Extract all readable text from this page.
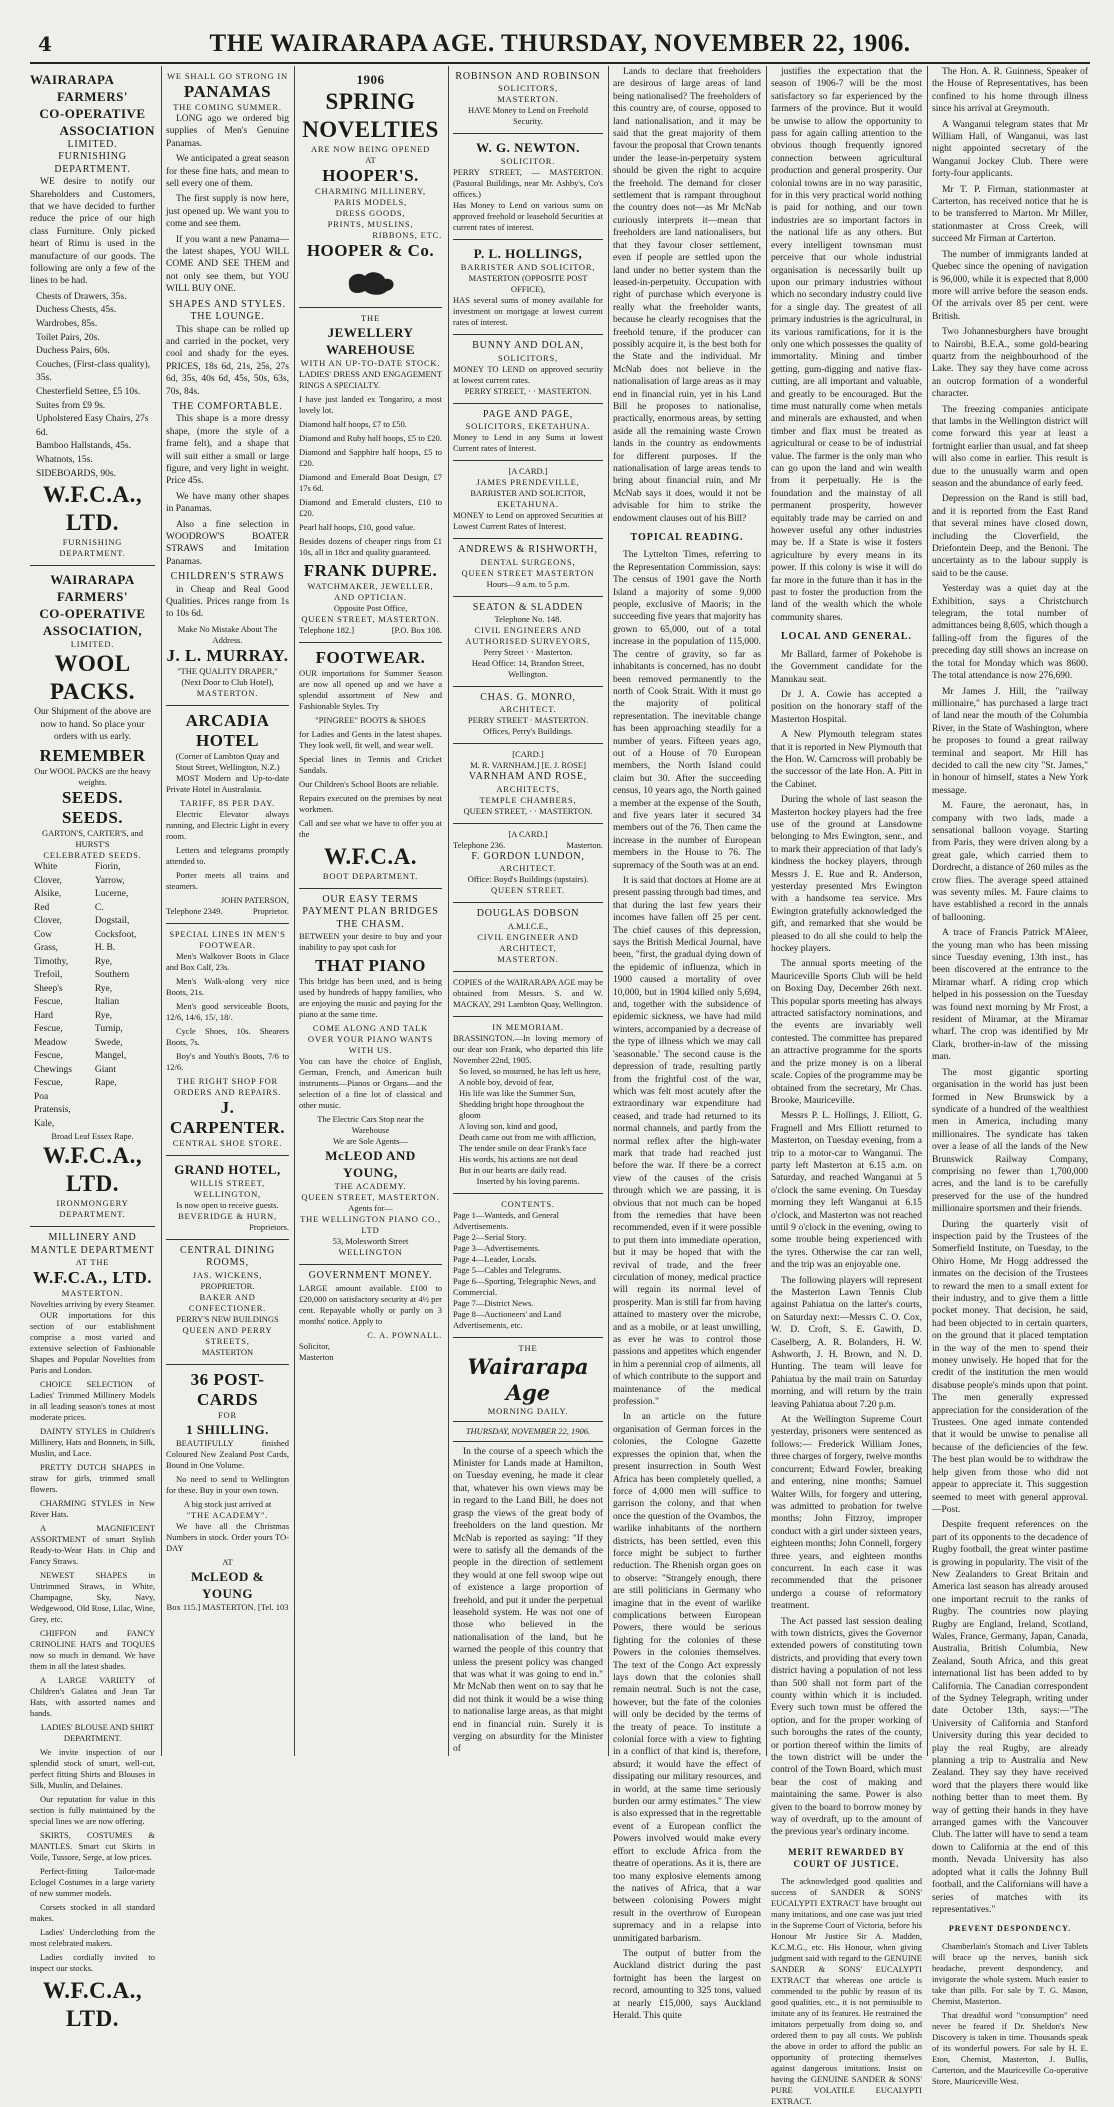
4	THE WAIRARAPA AGE. THURSDAY, NOVEMBER 22, 1906.
WAIRARAPA
FARMERS'
CO-OPERATIVE
ASSOCIATION
LIMITED.
FURNISHING DEPARTMENT.

WE desire to notify our Shareholders and Customers, that we have decided to further reduce the price of our high class Furniture. Only picked heart of Rimu is used in the manufacture of our goods. The following are only a few of the lines to be had.

Chests of Drawers, 35s.
Duchess Chests, 45s.
Wardrobes, 85s.
Toilet Pairs, 20s.
Duchess Pairs, 60s.
Couches, (First-class quality), 35s.
Chesterfield Settee, £5 10s.
Suites from £9 9s.
Upholstered Easy Chairs, 27s 6d.
Bamboo Hallstands, 45s.
Whatnots, 15s.
SIDEBOARDS, 90s.
W.F.C.A., LTD.
FURNISHING DEPARTMENT.
WAIRARAPA FARMERS'
CO-OPERATIVE ASSOCIATION,
LIMITED.
WOOL PACKS.

Our Shipment of the above are now to hand. So place your orders with us early.

REMEMBER
Our WOOL PACKS are the heavy weights.
SEEDS. SEEDS.
GARTON'S, CARTER'S, and HURST'S
CELEBRATED SEEDS.
White Clover,
Alsike,
Red Clover,
Cow Grass,
Timothy,
Trefoil,
Sheep's Fescue,
Hard Fescue,
Meadow Fescue,
Chewings Fescue,
Poa Pratensis,
Kale,
Fiorin,
Yarrow,
Lucerne,
C. Dogstail,
Cocksfoot,
H. B. Rye,
Southern Rye,
Italian Rye,
Turnip,
Swede,
Mangel,
Giant Rape,
Broad Leaf Essex Rape.
W.F.C.A., LTD.
IRONMONGERY DEPARTMENT.
MILLINERY AND MANTLE DEPARTMENT
AT THE
W.F.C.A., LTD.
MASTERTON.
Novelties arriving by every Steamer.

OUR importations for this section of our establishment comprise a most varied and extensive selection of Fashionable Shapes and Popular Novelties from Paris and London.

CHOICE SELECTION of Ladies' Trimmed Millinery Models in all leading season's tones at most moderate prices.

DAINTY STYLES in Children's Millinery, Hats and Bonnets, in Silk, Muslin, and Lace.

PRETTY DUTCH SHAPES in straw for girls, trimmed small flowers.

CHARMING STYLES in New River Hats.

A MAGNIFICENT ASSORTMENT of smart Stylish Ready-to-Wear Hats in Chip and Fancy Straws.

NEWEST SHAPES in Untrimmed Straws, in White, Champagne, Sky, Navy, Wedgewood, Old Rose, Lilac, Wine, Grey, etc.

CHIFFON and FANCY CRINOLINE HATS and TOQUES now so much in demand. We have them in all the latest shades.

A LARGE VARIETY of Children's Galatea and Jean Tar Hats, with assorted names and bands.

LADIES' BLOUSE AND SHIRT DEPARTMENT.

We invite inspection of our splendid stock of smart, well-cut, perfect fitting Shirts and Blouses in Silk, Muslin, and Delaines.

Our reputation for value in this section is fully maintained by the special lines we are now offering.

SKIRTS, COSTUMES & MANTLES. Smart cut Skirts in Voile, Tussore, Serge, at low prices.

Perfect-fitting Tailor-made Eclogel Costumes in a large variety of new summer models.

Corsets stocked in all standard makes.

Ladies' Underclothing from the most celebrated makers.

Ladies cordially invited to inspect our stocks.

W.F.C.A., LTD.
WE SHALL GO STRONG IN
PANAMAS
THE COMING SUMMER.

LONG ago we ordered big supplies of Men's Genuine Panamas.

We anticipated a great season for these fine hats, and mean to sell every one of them.

The first supply is now here, just opened up. We want you to come and see them.

If you want a new Panama—the latest shapes, YOU WILL COME AND SEE THEM and not only see them, but YOU WILL BUY ONE.

SHAPES AND STYLES.
THE LOUNGE.

This shape can be rolled up and carried in the pocket, very cool and shady for the eyes. PRICES, 18s 6d, 21s, 25s, 27s 6d, 35s, 40s 6d, 45s, 50s, 63s, 70s, 84s.

THE COMFORTABLE.

This shape is a more dressy shape, (more the style of a frame felt), and a shape that will suit either a small or large figure, and very light in weight. Price 45s.

We have many other shapes in Panamas.

Also a fine selection in WOODROW'S BOATER STRAWS and Imitation Panamas.

CHILDREN'S STRAWS

in Cheap and Real Good Qualities. Prices range from 1s to 10s 6d.

Make No Mistake About The Address.
J. L. MURRAY.
"THE QUALITY DRAPER,"
(Next Door to Club Hotel),
MASTERTON.
ARCADIA HOTEL
(Corner of Lambton Quay and Stout Street, Wellington, N.Z.)

MOST Modern and Up-to-date Private Hotel in Australasia.

TARIFF, 8S PER DAY.

Electric Elevator always running, and Electric Light in every room.

Letters and telegrams promptly attended to.

Porter meets all trains and steamers.

JOHN PATERSON,
Telephone 2349.	Proprietor.
SPECIAL LINES IN MEN'S FOOTWEAR.

Men's Walkover Boots in Glace and Box Calf, 23s.

Men's Walk-along very nice Boots, 21s.

Men's good serviceable Boots, 12/6, 14/6, 15/, 18/.

Cycle Shoes, 10s. Shearers Boots, 7s.

Boy's and Youth's Boots, 7/6 to 12/6.

THE RIGHT SHOP FOR ORDERS AND REPAIRS.
J. CARPENTER.
CENTRAL SHOE STORE.
GRAND HOTEL,
WILLIS STREET, WELLINGTON,
Is now open to receive guests.
BEVERIDGE & HURN,
Proprietors.
CENTRAL DINING ROOMS,
JAS. WICKENS,
PROPRIETOR.
BAKER AND CONFECTIONER.
PERRY'S NEW BUILDINGS
QUEEN AND PERRY STREETS,
MASTERTON
36 POST-CARDS
FOR
1 SHILLING.

BEAUTIFULLY finished Coloured New Zealand Post Cards, Bound in One Volume.

No need to send to Wellington for these. Buy in your own town.

A big stock just arrived at
"THE ACADEMY".

We have all the Christmas Numbers in stock. Order yours TO-DAY

AT
McLEOD & YOUNG
Box 115.] MASTERTON. [Tel. 103
1906
SPRING
NOVELTIES
ARE NOW BEING OPENED
AT
HOOPER'S.
CHARMING MILLINERY,
PARIS MODELS,
DRESS GOODS,
PRINTS, MUSLINS,
RIBBONS, ETC.
HOOPER & Co.
THE
JEWELLERY WAREHOUSE
WITH AN UP-TO-DATE STOCK.

LADIES' DRESS AND ENGAGEMENT RINGS A SPECIALTY.

I have just landed ex Tongariro, a most lovely lot.

Diamond half hoops, £7 to £50.

Diamond and Ruby half hoops, £5 to £20.

Diamond and Sapphire half hoops, £5 to £20.

Diamond and Emerald Boat Design, £7 17s 6d.

Diamond and Emerald clusters, £10 to £20.

Pearl half hoops, £10, good value.

Besides dozens of cheaper rings from £1 10s, all in 18ct and quality guaranteed.

FRANK DUPRE.
WATCHMAKER, JEWELLER, AND OPTICIAN.
Opposite Post Office,
QUEEN STREET, MASTERTON.
Telephone 182.]	[P.O. Box 108.
FOOTWEAR.

OUR importations for Summer Season are now all opened up and we have a splendid assortment of New and Fashionable Styles. Try

"PINGREE" BOOTS & SHOES

for Ladies and Gents in the latest shapes. They look well, fit well, and wear well.

Special lines in Tennis and Cricket Sandals.

Our Children's School Boots are reliable.

Repairs executed on the premises by neat workmen.

Call and see what we have to offer you at the

W.F.C.A.
BOOT DEPARTMENT.
OUR EASY TERMS PAYMENT PLAN BRIDGES THE CHASM.

BETWEEN your desire to buy and your inability to pay spot cash for

THAT PIANO

This bridge has been used, and is being used by hundreds of happy families, who are enjoying the music and paying for the piano at the same time.

COME ALONG AND TALK OVER YOUR PIANO WANTS WITH US.

You can have the choice of English, German, French, and American built instruments—Pianos or Organs—and the selection of a fine lot of classical and other music.

The Electric Cars Stop near the Warehouse
We are Sole Agents—
McLEOD AND YOUNG,
THE ACADEMY.
QUEEN STREET, MASTERTON.
Agents for—
THE WELLINGTON PIANO CO., LTD
53, Molesworth Street
WELLINGTON
GOVERNMENT MONEY.

LARGE amount available. £100 to £20,000 on satisfactory security at 4½ per cent. Repayable wholly or partly on 3 months' notice. Apply to

C. A. POWNALL.
Solicitor,
Masterton
ROBINSON AND ROBINSON
SOLICITORS,
MASTERTON.
HAVE Money to Lend on Freehold Security.
W. G. NEWTON.
SOLICITOR.
PERRY STREET, — MASTERTON. (Pastoral Buildings, near Mr. Ashby's, Co's offices.)
Has Money to Lend on various sums on approved freehold or leasehold Securities at current rates of interest.
P. L. HOLLINGS,
BARRISTER AND SOLICITOR,
MASTERTON (OPPOSITE POST OFFICE),
HAS several sums of money available for investment on mortgage at lowest current rates of interest.
BUNNY AND DOLAN,
SOLICITORS,
MONEY TO LEND on approved security at lowest current rates.
PERRY STREET, · · MASTERTON.
PAGE AND PAGE,
SOLICITORS, EKETAHUNA.
Money to Lend in any Sums at lowest Current rates of Interest.
[A CARD.]
JAMES PRENDEVILLE,
BARRISTER AND SOLICITOR,
EKETAHUNA.
MONEY to Lend on approved Securities at Lowest Current Rates of Interest.
ANDREWS & RISHWORTH,
DENTAL SURGEONS,
QUEEN STREET MASTERTON
Hours—9 a.m. to 5 p.m.
SEATON & SLADDEN
Telephone No. 148.
CIVIL ENGINEERS AND AUTHORISED SURVEYORS,
Perry Street · · Masterton.
Head Office: 14, Brandon Street, Wellington.
CHAS. G. MONRO,
ARCHITECT.
PERRY STREET · MASTERTON.
Offices, Perry's Buildings.
[CARD.]
M. R. VARNHAM.] [E. J. ROSE]
VARNHAM AND ROSE,
ARCHITECTS,
TEMPLE CHAMBERS,
QUEEN STREET, · · MASTERTON.
[A CARD.]
Telephone 236.	Masterton.
F. GORDON LUNDON,
ARCHITECT.
Office: Boyd's Buildings (upstairs).
QUEEN STREET.
DOUGLAS DOBSON
A.M.I.C.E.,
CIVIL ENGINEER AND ARCHITECT,
MASTERTON.
COPIES of the WAIRARAPA AGE may be obtained from Messrs. S. and W. MACKAY, 291 Lambton Quay, Wellington.
IN MEMORIAM.
BRASSINGTON.—In loving memory of our dear son Frank, who departed this life November 22nd, 1905.
So loved, so mourned, he has left us here,
A noble boy, devoid of fear,
His life was like the Summer Sun,
Shedding bright hope throughout the gloom
A loving son, kind and good,
Death came out from me with affliction,
The tender smile on dear Frank's face
His words, his actions are not dead
But in our hearts are daily read.
Inserted by his loving parents.
CONTENTS.
Page 1—Wanteds, and General Advertisements.
Page 2—Serial Story.
Page 3—Advertisements.
Page 4—Leader, Locals.
Page 5—Cables and Telegrams.
Page 6—Sporting, Telegraphic News, and Commercial.
Page 7—District News.
Page 8—Auctioneers' and Land Advertisements, etc.
THE
Wairarapa Age
MORNING DAILY.
THURSDAY, NOVEMBER 22, 1906.

In the course of a speech which the Minister for Lands made at Hamilton, on Tuesday evening, he made it clear that, whatever his own views may be in regard to the Land Bill, he does not grasp the views of the great body of freeholders on the land question. Mr McNab is reported as saying: "If they were to satisfy all the demands of the people in the direction of settlement they would at one fell swoop wipe out of existence a large proportion of freehold, and put it under the perpetual leasehold system. He was not one of those who believed in the nationalisation of the land, but he warned the people of this country that unless the present policy was changed that was what it was going to end in." Mr McNab then went on to say that he did not think it would be a wise thing to nationalise large areas, as that might end in financial ruin. Surely it is verging on absurdity for the Minister of

Lands to declare that freeholders are desirous of large areas of land being nationalised? The freeholders of this country are, of course, opposed to land nationalisation, and it may be said that the great majority of them favour the proposal that Crown tenants under the lease-in-perpetuity system should be given the right to acquire the freehold. The demand for closer settlement that is rampant throughout the country does not—as Mr McNab curiously interprets it—mean that freeholders are land nationalisers, but that they favour closer settlement, even if people are settled upon the land under no better system than the leased-in-perpetuity. Occupation with right of purchase which everyone is really what the freeholder wants, because he clearly recognises that the freehold tenure, if the producer can possibly acquire it, is the best both for the State and the individual. Mr McNab does not believe in the nationalisation of large areas as it may end in financial ruin, yet in his Land Bill he proposes to nationalise, practically, enormous areas, by setting aside all the remaining waste Crown lands in the country as endowments for different purposes. If the nationalisation of large areas tends to bring about financial ruin, and Mr McNab says it does, would it not be advisable for him to strike the endowment clauses out of his Bill?

TOPICAL READING.

The Lyttelton Times, referring to the Representation Commission, says: The census of 1901 gave the North Island a majority of some 9,000 people, exclusive of Maoris; in the succeeding five years that majority has grown to 65,000, out of a total increase in the population of 115,000. The centre of gravity, so far as inhabitants is concerned, has no doubt been removed permanently to the north of Cook Strait. With it must go the majority of political representation. The inevitable change has been approaching steadily for a number of years. Fifteen years ago, out of a House of 70 European members, the North Island could claim but 30. After the succeeding census, 10 years ago, the North gained a member at the expense of the South, and five years later it secured 34 members out of the 76. Then came the increase in the number of European members in the House to 76. The supremacy of the South was at an end.

It is said that doctors at Home are at present passing through bad times, and that during the last few years their incomes have fallen off 25 per cent. The chief causes of this depression, says the British Medical Journal, have been, "first, the gradual dying down of the epidemic of influenza, which in 1900 caused a mortality of over 10,000, but in 1904 killed only 5,694, and, together with the subsidence of epidemic sickness, we have had mild winters, accompanied by a decrease of the type of illness which we may call 'seasonable.' The second cause is the depression of trade, resulting partly from the frightful cost of the war, which was felt most acutely after the extraordinary war expenditure had ceased, and trade had returned to its normal channels, and partly from the normal reflex after the high-water mark that trade had reached just before the war. If there be a correct view of the causes of the crisis through which we are passing, it is obvious that not much can be hoped from the remedies that have been recommended, even if it were possible to put them into immediate operation, but it may be hoped that with the revival of trade, and the freer circulation of money, medical practice will regain its normal level of prosperity. Man is still far from having attained to mastery over the microbe, and as a mobile, or at least unwilling, as ever he was to control those passions and appetites which engender in him a perennial crop of ailments, all of which contribute to the support and maintenance of the medical profession."

In an article on the future organisation of German forces in the colonies, the Cologne Gazette expresses the opinion that, when the present insurrection in South West Africa has been completely quelled, a force of 4,000 men will suffice to garrison the colony, and that when once the question of the Ovambos, the warlike inhabitants of the northern districts, has been settled, even this force might be subject to further reduction. The Rhenish organ goes on to observe: "Strangely enough, there are still politicians in Germany who imagine that in the event of warlike complications between European Powers, there would be serious fighting for the colonies of these Powers in the colonies themselves. The text of the Congo Act expressly lays down that the colonies shall remain neutral. Such is not the case, however, but the fate of the colonies will only be decided by the terms of the treaty of peace. To institute a colonial force with a view to fighting in a conflict of that kind is, therefore, absurd; it would have the effect of dissipating our military resources, and in world, at the same time seriously burden our army estimates." The view is also expressed that in the regrettable event of a European conflict the Powers involved would make every effort to exclude Africa from the theatre of operations. As it is, there are too many explosive elements among the natives of Africa, that a war between colonising Powers might result in the overthrow of European supremacy and in a relapse into unmitigated barbarism.

The output of butter from the Auckland district during the past fortnight has been the largest on record, amounting to 325 tons, valued at nearly £15,000, says Auckland Herald. This quite

justifies the expectation that the season of 1906-7 will be the most satisfactory so far experienced by the farmers of the province. But it would be unwise to allow the opportunity to pass for again calling attention to the obvious though frequently ignored connection between agricultural production and general prosperity. Our colonial towns are in no way parasitic, for in this very practical world nothing is paid for nothing, and our town industries are so important factors in the national life as any others. But every intelligent townsman must perceive that our whole industrial organisation is necessarily built up upon our primary industries without which no secondary industry could live for a single day. The greatest of all primary industries is the agricultural, in its various ramifications, for it is the only one which possesses the quality of immortality. Mining and timber getting, gum-digging and native flax-cutting, are all important and valuable, and greatly to be encouraged. But the time must naturally come when metals and minerals are exhausted, and when timber and flax must be treated as agricultural or cease to be of industrial value. The farmer is the only man who can go upon the land and win wealth from it perpetually. He is the foundation and the mainstay of all permanent prosperity, however equitably trade may be carried on and however useful any other industries may be. If a State is wise it fosters agriculture by every means in its power. If this colony is wise it will do far more in the future than it has in the past to foster the production from the land of the wealth which the whole community shares.

LOCAL AND GENERAL.

Mr Ballard, farmer of Pokehobe is the Government candidate for the Manukau seat.

Dr J. A. Cowie has accepted a position on the honorary staff of the Masterton Hospital.

A New Plymouth telegram states that it is reported in New Plymouth that the Hon. W. Carncross will probably be the successor of the late Hon. A. Pitt in the Cabinet.

During the whole of last season the Masterton hockey players had the free use of the ground at Lansdowne belonging to Mrs Ewington, senr., and to mark their appreciation of that lady's kindness the hockey players, through Messrs J. E. Rue and R. Anderson, yesterday presented Mrs Ewington with a handsome tea service. Mrs Ewington gratefully acknowledged the gift, and remarked that she would be pleased to do all she could to help the hockey players.

The annual sports meeting of the Mauriceville Sports Club will be held on Boxing Day, December 26th next. This popular sports meeting has always attracted satisfactory nominations, and the events are invariably well contested. The committee has prepared an attractive programme for the sports and the prize money is on a liberal scale. Copies of the programme may be obtained from the secretary, Mr Chas. Brooke, Mauriceville.

Messrs P. L. Hollings, J. Elliott, G. Fragnell and Mrs Elliott returned to Masterton, on Tuesday evening, from a trip to a motor-car to Wanganui. The party left Masterton at 6.15 a.m. on Saturday, and reached Wanganui at 5 o'clock the same evening. On Tuesday morning they left Wanganui at 6.15 o'clock, and Masterton was not reached until 9 o'clock in the evening, owing to some trouble being experienced with the tyres. Otherwise the car ran well, and the trip was an enjoyable one.

The following players will represent the Masterton Lawn Tennis Club against Pahiatua on the latter's courts, on Saturday next:—Messrs C. O. Cox, W. D. Croft, S. E. Gawith, D. Caselberg, A. R. Bolanders, H. W. Ashworth, J. H. Brown, and N. D. Hunting. The team will leave for Pahiatua by the mail train on Saturday morning, and will return by the train leaving Pahiatua about 7.20 p.m.

At the Wellington Supreme Court yesterday, prisoners were sentenced as follows:— Frederick William Jones, three charges of forgery, twelve months concurrent; Edward Fowler, breaking and entering, nine months; Samuel Walter Wills, for forgery and uttering, was admitted to probation for twelve months; John Fitzroy, improper conduct with a girl under sixteen years, eighteen months; John Connell, forgery three years, and eighteen months concurrent. In each case it was recommended that the prisoner undergo a course of reformatory treatment.

The Act passed last session dealing with town districts, gives the Governor extended powers of constituting town districts, and providing that every town district having a population of not less than 500 shall not form part of the county within which it is included. Every such town must be offered the option, and for the proper working of such boroughs the rates of the county, or portion thereof within the limits of the town district will be under the control of the Town Board, which must bear the cost of making and maintaining the same. Power is also given to the board to borrow money by way of overdraft, up to the amount of the previous year's ordinary income.

MERIT REWARDED BY COURT OF JUSTICE.

The acknowledged good qualities and success of SANDER & SONS' EUCALYPTI EXTRACT have brought out many imitations, and one case was just tried in the Supreme Court of Victoria, before his Honour Mr Justice Sir A. Madden, K.C.M.G., etc. His Honour, when giving judgment said with regard to the GENUINE SANDER & SONS' EUCALYPTI EXTRACT that whereas one article is commended to the public by reason of its good qualities, etc., it is not permissible to imitate any of its features. He restrained the imitators perpetually from doing so, and ordered them to pay all costs. We publish the above in order to afford the public an opportunity of protecting themselves against dangerous imitations. Insist on having the GENUINE SANDER & SONS' PURE VOLATILE EUCALYPTI EXTRACT.

The Hon. A. R. Guinness, Speaker of the House of Representatives, has been confined to his home through illness since his arrival at Greymouth.

A Wanganui telegram states that Mr William Hall, of Wanganui, was last night appointed secretary of the Wanganui Jockey Club. There were forty-four applicants.

Mr T. P. Firman, stationmaster at Carterton, has received notice that he is to be transferred to Marton. Mr Miller, stationmaster at Cross Creek, will succeed Mr Firman at Carterton.

The number of immigrants landed at Quebec since the opening of navigation is 96,000, while it is expected that 8,000 more will arrive before the season ends. Of the arrivals over 85 per cent. were British.

Two Johannesburghers have brought to Nairobi, B.E.A., some gold-bearing quartz from the neighbourhood of the Lake. They say they have come across an outcrop formation of a wonderful character.

The freezing companies anticipate that lambs in the Wellington district will come forward this year at least a fortnight earlier than usual, and fat sheep will also come in earlier. This result is due to the unusually warm and open season and the abundance of early feed.

Depression on the Rand is still bad, and it is reported from the East Rand that several mines have closed down, including the Cloverfield, the Driefontein Deep, and the Benoni. The uncertainty as to the labour supply is said to be the cause.

Yesterday was a quiet day at the Exhibition, says a Christchurch telegram, the total number of admittances being 8,605, which though a falling-off from the figures of the preceding day still shows an increase on the total for Monday which was 8600. The total attendance is now 276,690.

Mr James J. Hill, the "railway millionaire," has purchased a large tract of land near the mouth of the Columbia River, in the State of Washington, where he proposes to found a great railway terminal and seaport. Mr Hill has decided to call the new city "St. James," in honour of himself, states a New York message.

M. Faure, the aeronaut, has, in company with two lads, made a sensational balloon voyage. Starting from Paris, they were driven along by a great gale, which carried them to Dordrecht, a distance of 260 miles as the crow flies. The average speed attained was seventy miles. M. Faure claims to have established a record in the annals of ballooning.

A trace of Francis Patrick M'Aleer, the young man who has been missing since Tuesday evening, 13th inst., has been discovered at the entrance to the Miramar wharf. A riding crop which helped in his possession on the Tuesday was found next morning by Mr Frost, a resident of Miramar, at the Miramar wharf. The crop was identified by Mr Clark, brother-in-law of the missing man.

The most gigantic sporting organisation in the world has just been formed in New Brunswick by a syndicate of a hundred of the wealthiest men in America, including many millionaires. The syndicate has taken over a lease of all the lands of the New Brunswick Railway Company, comprising no fewer than 1,700,000 acres, and the land is to be carefully preserved for the use of the hundred millionaire sportsmen and their friends.

During the quarterly visit of inspection paid by the Trustees of the Somerfield Institute, on Tuesday, to the Ohiro Home, Mr Hogg addressed the inmates on the decision of the Trustees to reward the men to a small extent for their industry, and to give them a little pocket money. That decision, he said, had been objected to in certain quarters, on the ground that it placed temptation in the way of the men to spend their money unwisely. He hoped that for the credit of the institution the men would disabuse people's minds upon that point. The men generally expressed appreciation for the consideration of the Trustees. One aged inmate contended that it would be unwise to penalise all because of the deficiencies of the few. The best plan would be to withdraw the help given from those who did not appear to appreciate it. This suggestion seemed to meet with general approval.—Post.

Despite frequent references on the part of its opponents to the decadence of Rugby football, the great winter pastime is growing in popularity. The visit of the New Zealanders to Great Britain and America last season has already aroused one important recruit to the ranks of Rugby. The countries now playing Rugby are England, Ireland, Scotland, Wales, France, Germany, Japan, Canada, Australia, British Columbia, New Zealand, South Africa, and this great international list has been added to by California. The Canadian correspondent of the Sydney Telegraph, writing under date October 13th, says:—"The University of California and Stanford University during this year decided to play the real Rugby, are already planning a trip to Australia and New Zealand. They say they have received word that the players there would like nothing better than to meet them. By way of getting their hands in they have arranged games with the Vancouver Club. The latter will have to send a team down to California at the end of this month. Nevada University has also adopted what it calls the Johnny Bull football, and the Californians will have a series of matches with its representatives."

PREVENT DESPONDENCY.

Chamberlain's Stomach and Liver Tablets will brace up the nerves, banish sick headache, prevent despondency, and invigorate the whole system. Much easier to take than pills. For sale by T. G. Mason, Chemist, Masterton.

That dreadful word "consumption" need never be feared if Dr. Sheldon's New Discovery is taken in time. Thousands speak of its wonderful powers. For sale by H. E. Eton, Chemist, Masterton, J. Bullis, Carterton, and the Mauriceville Co-operative Store, Mauriceville West.
